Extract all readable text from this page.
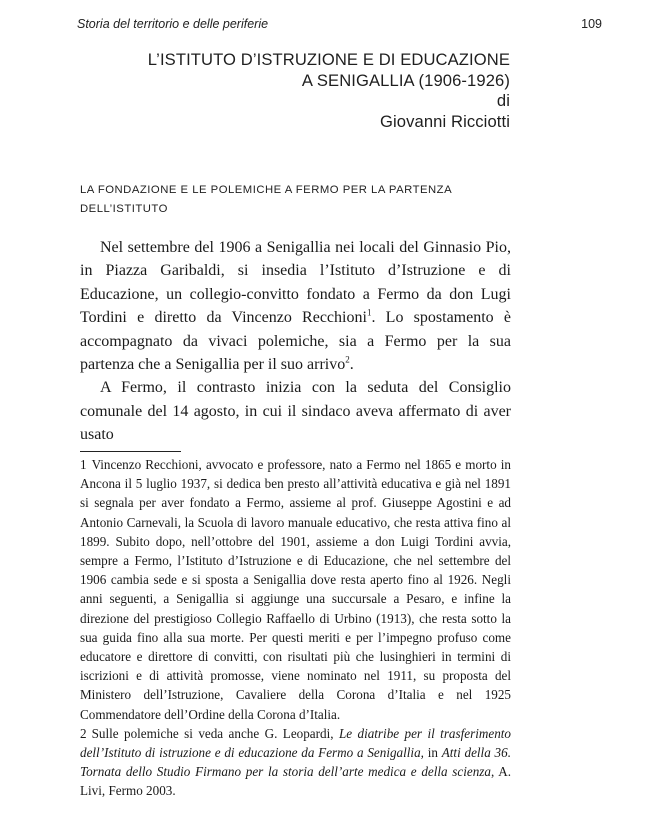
Storia del territorio e delle periferie	109
L’ISTITUTO D’ISTRUZIONE E DI EDUCAZIONE
A SENIGALLIA (1906-1926)
di
Giovanni Ricciotti
LA FONDAZIONE E LE POLEMICHE A FERMO PER LA PARTENZA
DELL’ISTITUTO

Nel settembre del 1906 a Senigallia nei locali del Ginnasio Pio, in Piazza Garibaldi, si insedia l’Istituto d’Istruzione e di Educazione, un collegio-convitto fondato a Fermo da don Lugi Tordini e diretto da Vincenzo Recchioni$^1$. Lo spostamento è accompagnato da vivaci polemiche, sia a Fermo per la sua partenza che a Senigallia per il suo arrivo$^2$.

A Fermo, il contrasto inizia con la seduta del Consiglio comunale del 14 agosto, in cui il sindaco aveva affermato di aver usato

1 Vincenzo Recchioni, avvocato e professore, nato a Fermo nel 1865 e morto in Ancona il 5 luglio 1937, si dedica ben presto all’attività educativa e già nel 1891 si segnala per aver fondato a Fermo, assieme al prof. Giuseppe Agostini e ad Antonio Carnevali, la Scuola di lavoro manuale educativo, che resta attiva fino al 1899. Subito dopo, nell’ottobre del 1901, assieme a don Luigi Tordini avvia, sempre a Fermo, l’Istituto d’Istruzione e di Educazione, che nel settembre del 1906 cambia sede e si sposta a Senigallia dove resta aperto fino al 1926. Negli anni seguenti, a Senigallia si aggiunge una succursale a Pesaro, e infine la direzione del prestigioso Collegio Raffaello di Urbino (1913), che resta sotto la sua guida fino alla sua morte. Per questi meriti e per l’impegno profuso come educatore e direttore di convitti, con risultati più che lusinghieri in termini di iscrizioni e di attività promosse, viene nominato nel 1911, su proposta del Ministero dell’Istruzione, Cavaliere della Corona d’Italia e nel 1925 Commendatore dell’Ordine della Corona d’Italia.

2 Sulle polemiche si veda anche G. Leopardi, Le diatribe per il trasferimento dell’Istituto di istruzione e di educazione da Fermo a Senigallia, in Atti della 36. Tornata dello Studio Firmano per la storia dell’arte medica e della scienza, A. Livi, Fermo 2003.
